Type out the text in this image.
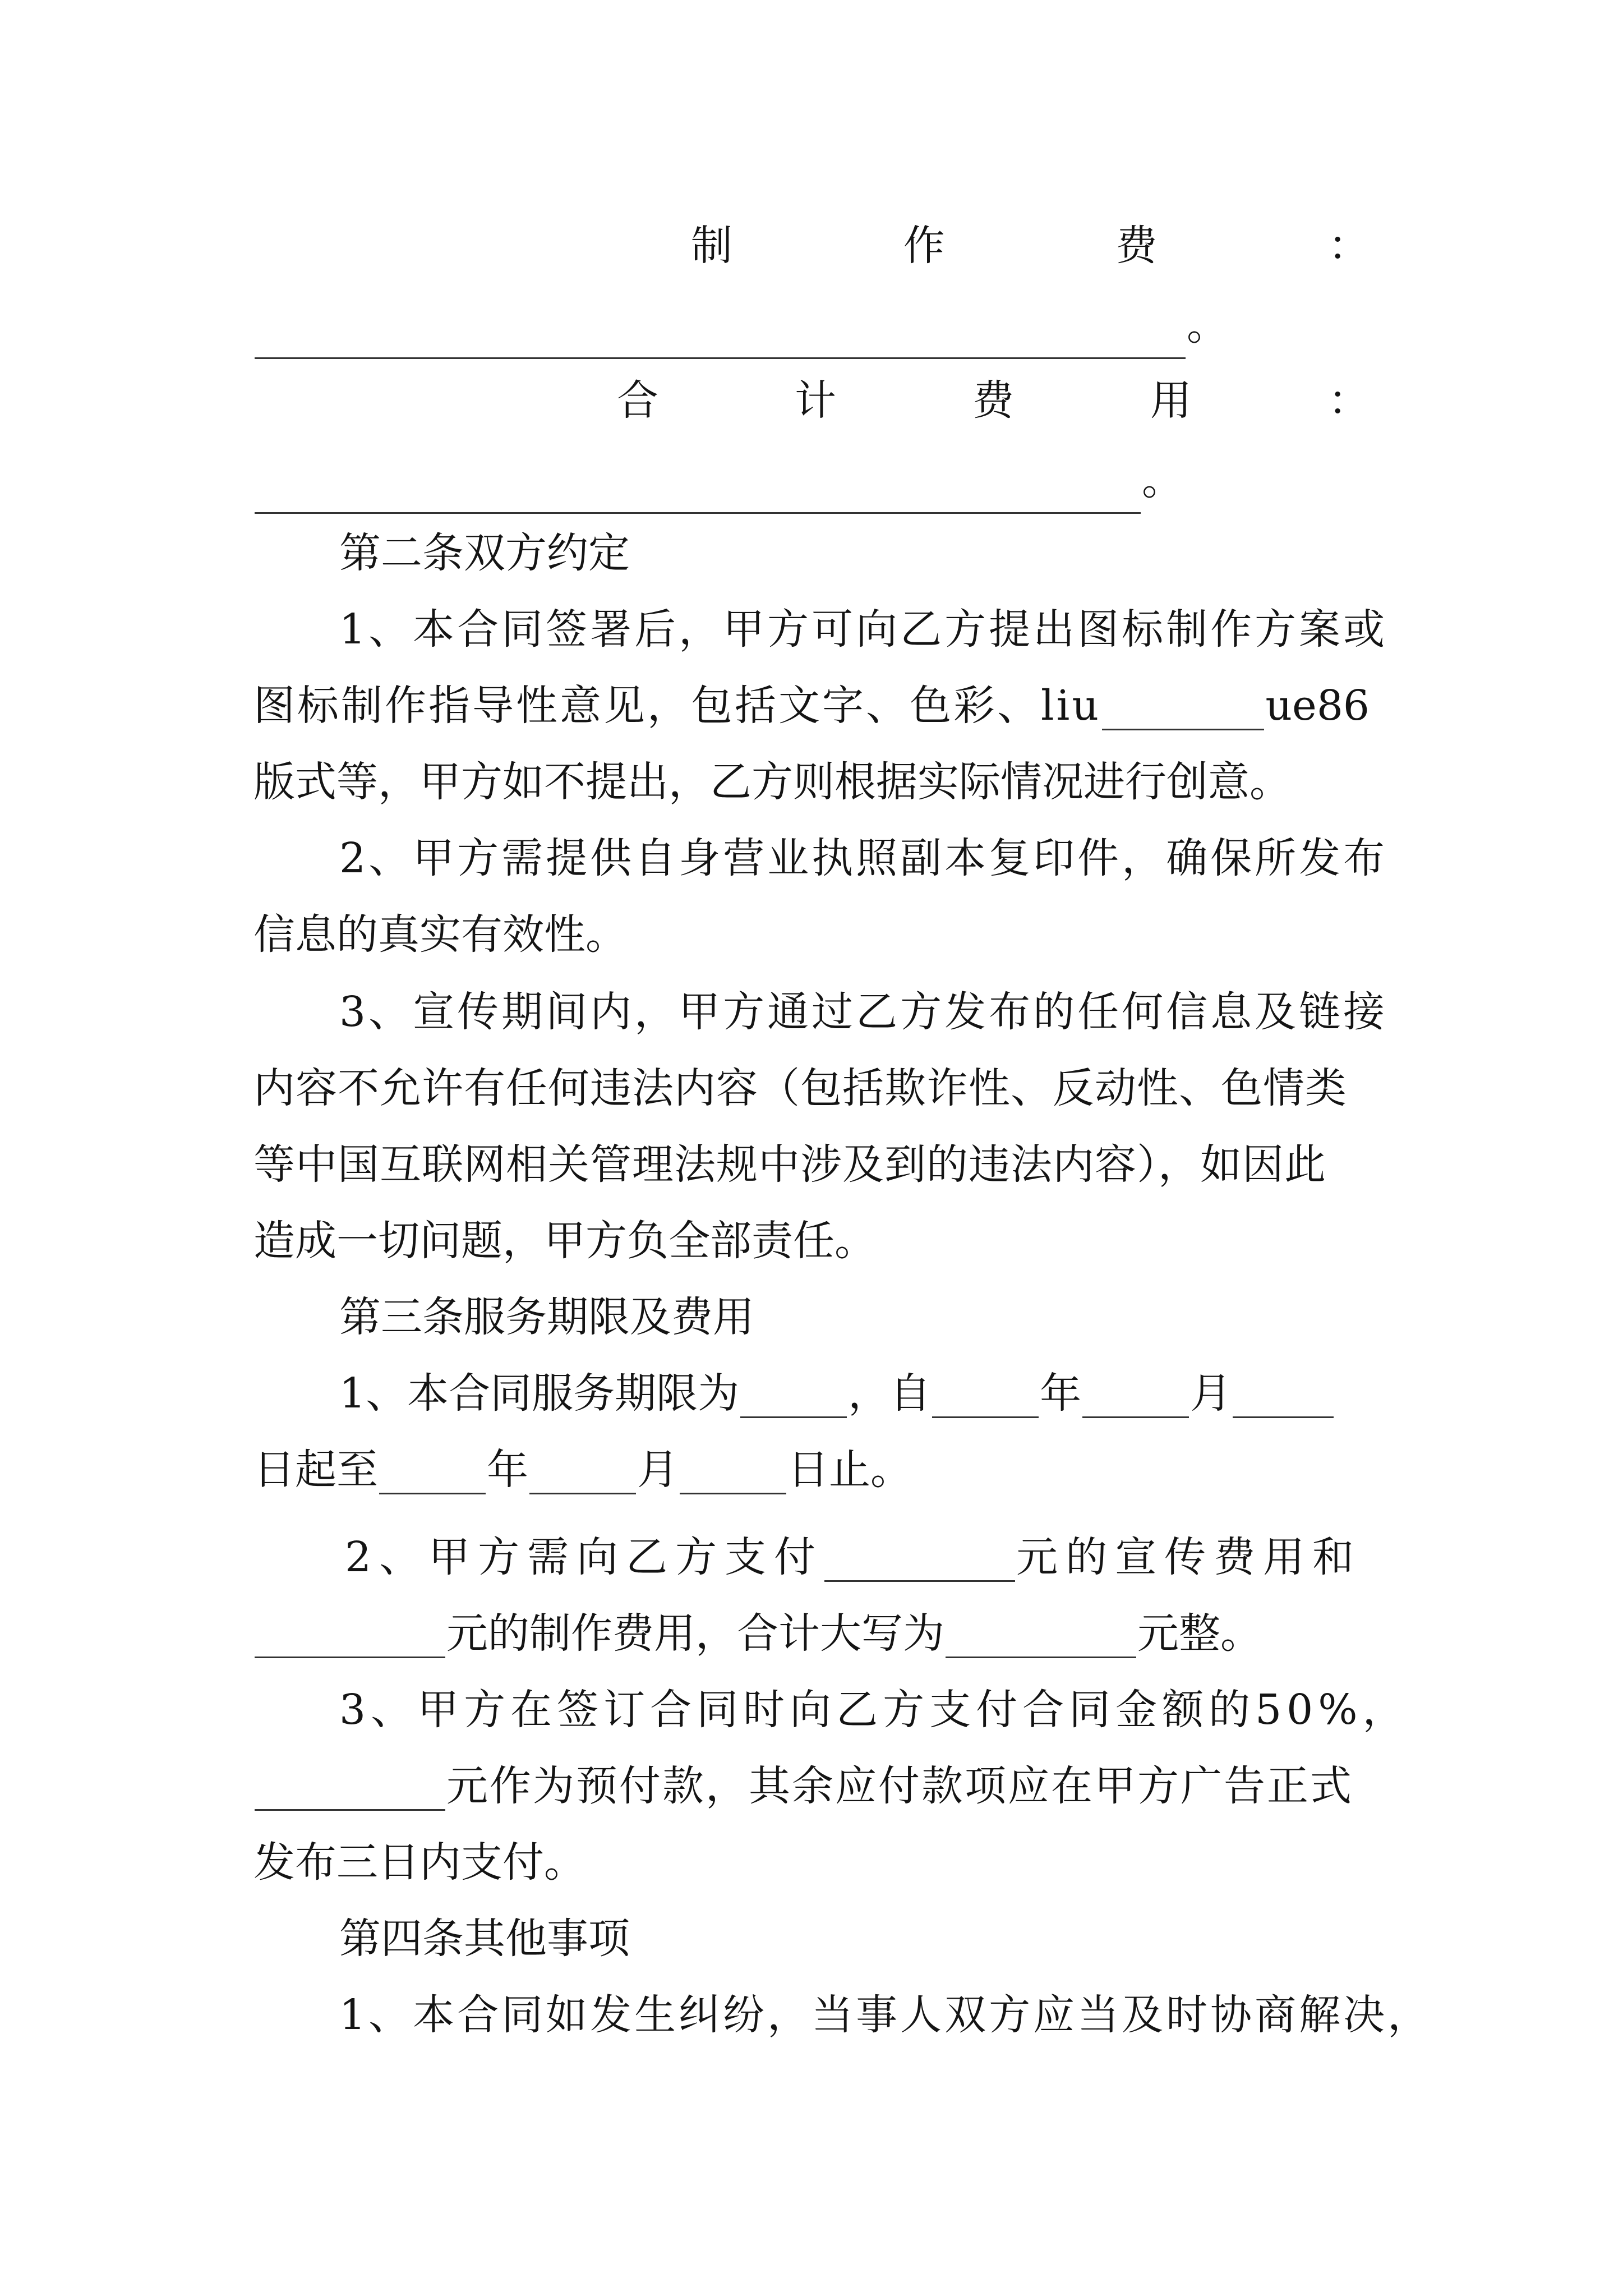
制	作	费	：
。
合	计	费	用	：
。
第二条双方约定
1、本合同签署后，甲方可向乙方提出图标制作方案或
图标制作指导性意见，包括文字、色彩、liu	ue86
版式等，甲方如不提出，乙方则根据实际情况进行创意。
2、甲方需提供自身营业执照副本复印件，确保所发布
信息的真实有效性。
3、宣传期间内，甲方通过乙方发布的任何信息及链接
内容不允许有任何违法内容（包括欺诈性、反动性、色情类
等中国互联网相关管理法规中涉及到的违法内容），如因此
造成一切问题，甲方负全部责任。
第三条服务期限及费用
1、本合同服务期限为	，自	年	月
日起至	年	月	日止。
2、甲方需向乙方支付	元的宣传费用和
元的制作费用，合计大写为	元整。
3、甲方在签订合同时向乙方支付合同金额的50%，
元作为预付款，其余应付款项应在甲方广告正式
发布三日内支付。
第四条其他事项
1、本合同如发生纠纷，当事人双方应当及时协商解决，
